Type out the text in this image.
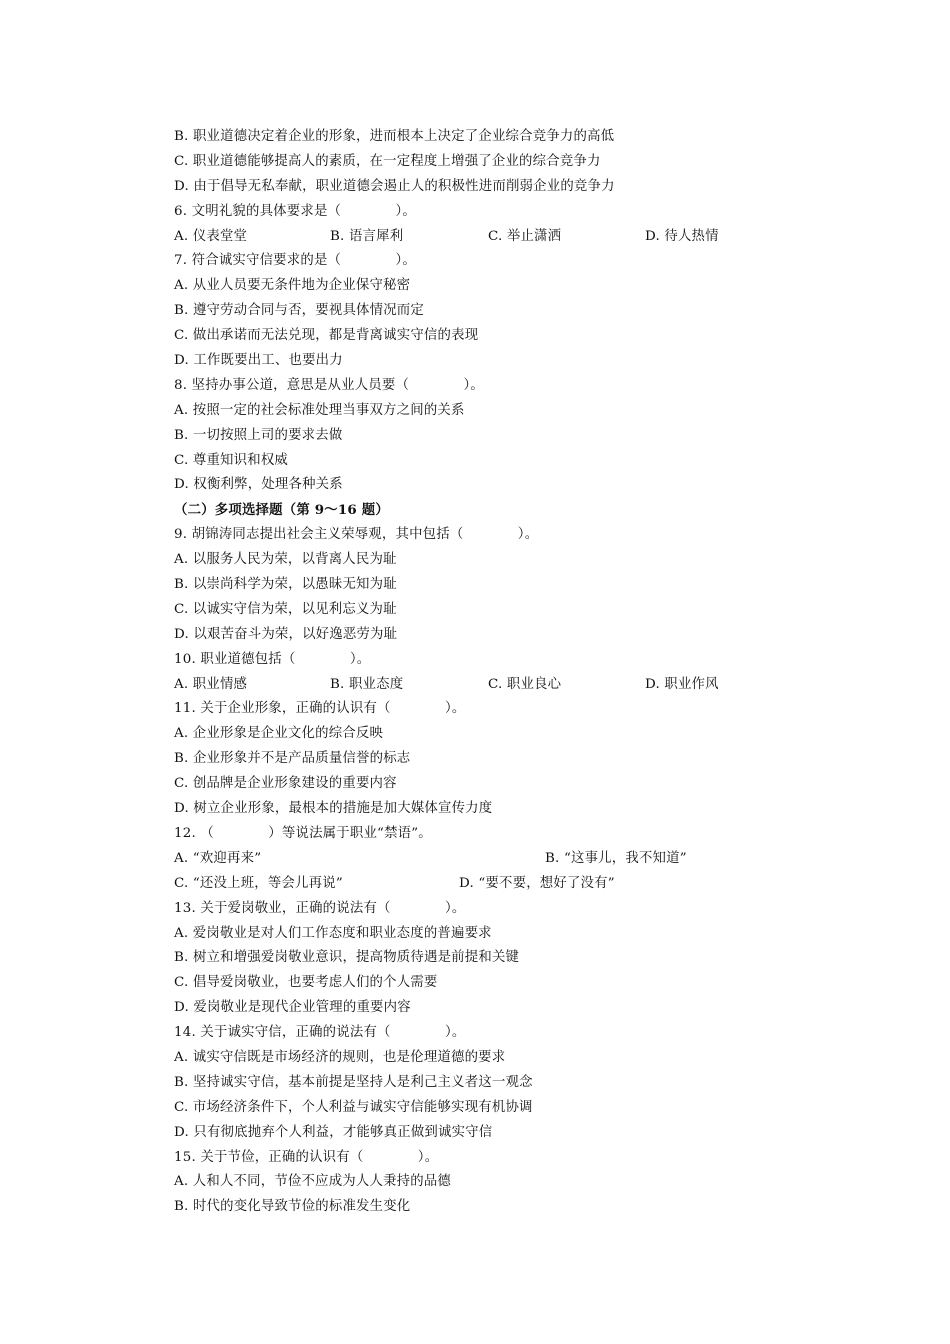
B. 职业道德决定着企业的形象，进而根本上决定了企业综合竞争力的高低
C. 职业道德能够提高人的素质，在一定程度上增强了企业的综合竞争力
D. 由于倡导无私奉献，职业道德会遏止人的积极性进而削弱企业的竞争力
6. 文明礼貌的具体要求是（　　　　）。
A. 仪表堂堂	B. 语言犀利	C. 举止潇洒	D. 待人热情
7. 符合诚实守信要求的是（　　　　）。
A. 从业人员要无条件地为企业保守秘密
B. 遵守劳动合同与否，要视具体情况而定
C. 做出承诺而无法兑现，都是背离诚实守信的表现
D. 工作既要出工、也要出力
8. 坚持办事公道，意思是从业人员要（　　　　）。
A. 按照一定的社会标准处理当事双方之间的关系
B. 一切按照上司的要求去做
C. 尊重知识和权威
D. 权衡利弊，处理各种关系
（二）多项选择题（第 9～16 题）
9. 胡锦涛同志提出社会主义荣辱观，其中包括（　　　　）。
A. 以服务人民为荣，以背离人民为耻
B. 以崇尚科学为荣，以愚昧无知为耻
C. 以诚实守信为荣，以见利忘义为耻
D. 以艰苦奋斗为荣，以好逸恶劳为耻
10. 职业道德包括（　　　　）。
A. 职业情感	B. 职业态度	C. 职业良心	D. 职业作风
11. 关于企业形象，正确的认识有（　　　　）。
A. 企业形象是企业文化的综合反映
B. 企业形象并不是产品质量信誉的标志
C. 创品牌是企业形象建设的重要内容
D. 树立企业形象，最根本的措施是加大媒体宣传力度
12. （　　　　）等说法属于职业“禁语”。
A. “欢迎再来”	B. “这事儿，我不知道”
C. “还没上班，等会儿再说”	D. “要不要，想好了没有”
13. 关于爱岗敬业，正确的说法有（　　　　）。
A. 爱岗敬业是对人们工作态度和职业态度的普遍要求
B. 树立和增强爱岗敬业意识，提高物质待遇是前提和关键
C. 倡导爱岗敬业，也要考虑人们的个人需要
D. 爱岗敬业是现代企业管理的重要内容
14. 关于诚实守信，正确的说法有（　　　　）。
A. 诚实守信既是市场经济的规则，也是伦理道德的要求
B. 坚持诚实守信，基本前提是坚持人是利己主义者这一观念
C. 市场经济条件下，个人利益与诚实守信能够实现有机协调
D. 只有彻底抛弃个人利益，才能够真正做到诚实守信
15. 关于节俭，正确的认识有（　　　　）。
A. 人和人不同，节俭不应成为人人秉持的品德
B. 时代的变化导致节俭的标准发生变化
